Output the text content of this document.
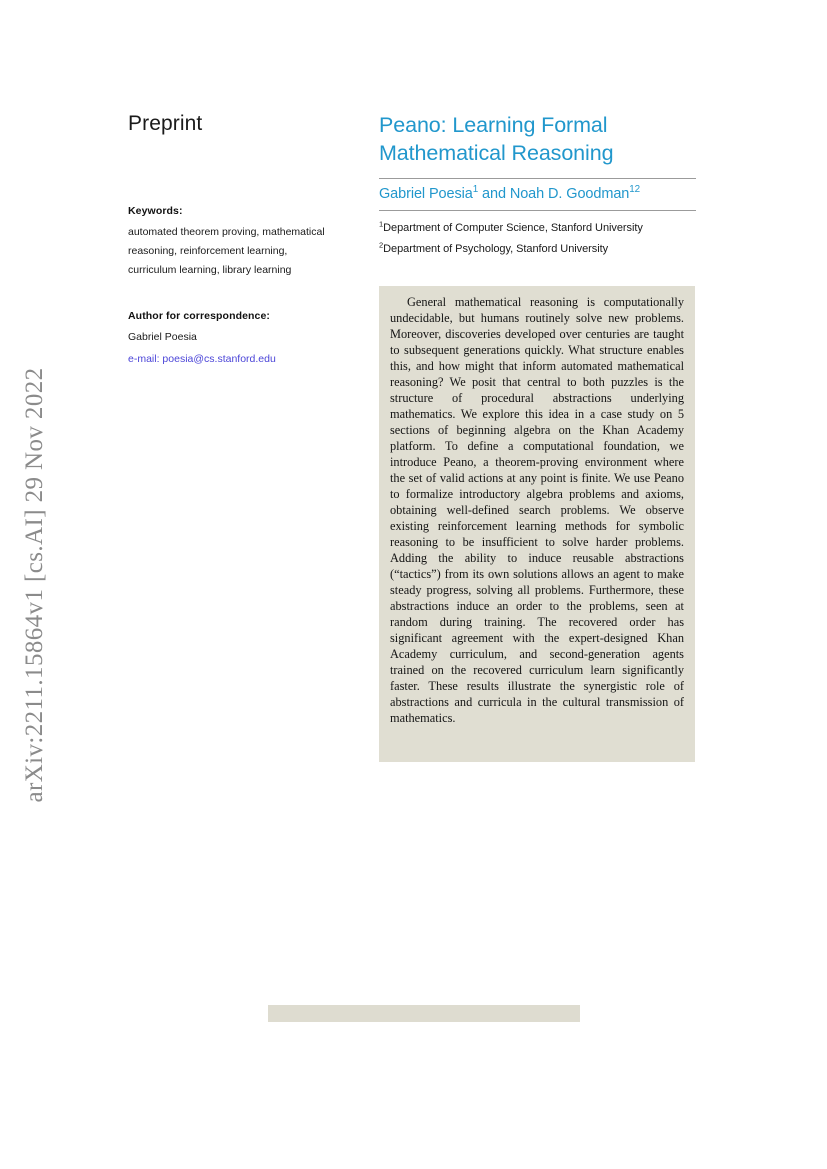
arXiv:2211.15864v1 [cs.AI] 29 Nov 2022
Preprint
Keywords:
automated theorem proving, mathematical reasoning, reinforcement learning, curriculum learning, library learning
Author for correspondence:
Gabriel Poesia
e-mail: poesia@cs.stanford.edu
Peano: Learning Formal Mathematical Reasoning
Gabriel Poesia$^1$ and Noah D. Goodman$^{12}$
$^1$Department of Computer Science, Stanford University
$^2$Department of Psychology, Stanford University

General mathematical reasoning is computationally undecidable, but humans routinely solve new problems. Moreover, discoveries developed over centuries are taught to subsequent generations quickly. What structure enables this, and how might that inform automated mathematical reasoning? We posit that central to both puzzles is the structure of procedural abstractions underlying mathematics. We explore this idea in a case study on 5 sections of beginning algebra on the Khan Academy platform. To define a computational foundation, we introduce Peano, a theorem-proving environment where the set of valid actions at any point is finite. We use Peano to formalize introductory algebra problems and axioms, obtaining well-defined search problems. We observe existing reinforcement learning methods for symbolic reasoning to be insufficient to solve harder problems. Adding the ability to induce reusable abstractions (“tactics”) from its own solutions allows an agent to make steady progress, solving all problems. Furthermore, these abstractions induce an order to the problems, seen at random during training. The recovered order has significant agreement with the expert-designed Khan Academy curriculum, and second-generation agents trained on the recovered curriculum learn significantly faster. These results illustrate the synergistic role of abstractions and curricula in the cultural transmission of mathematics.
